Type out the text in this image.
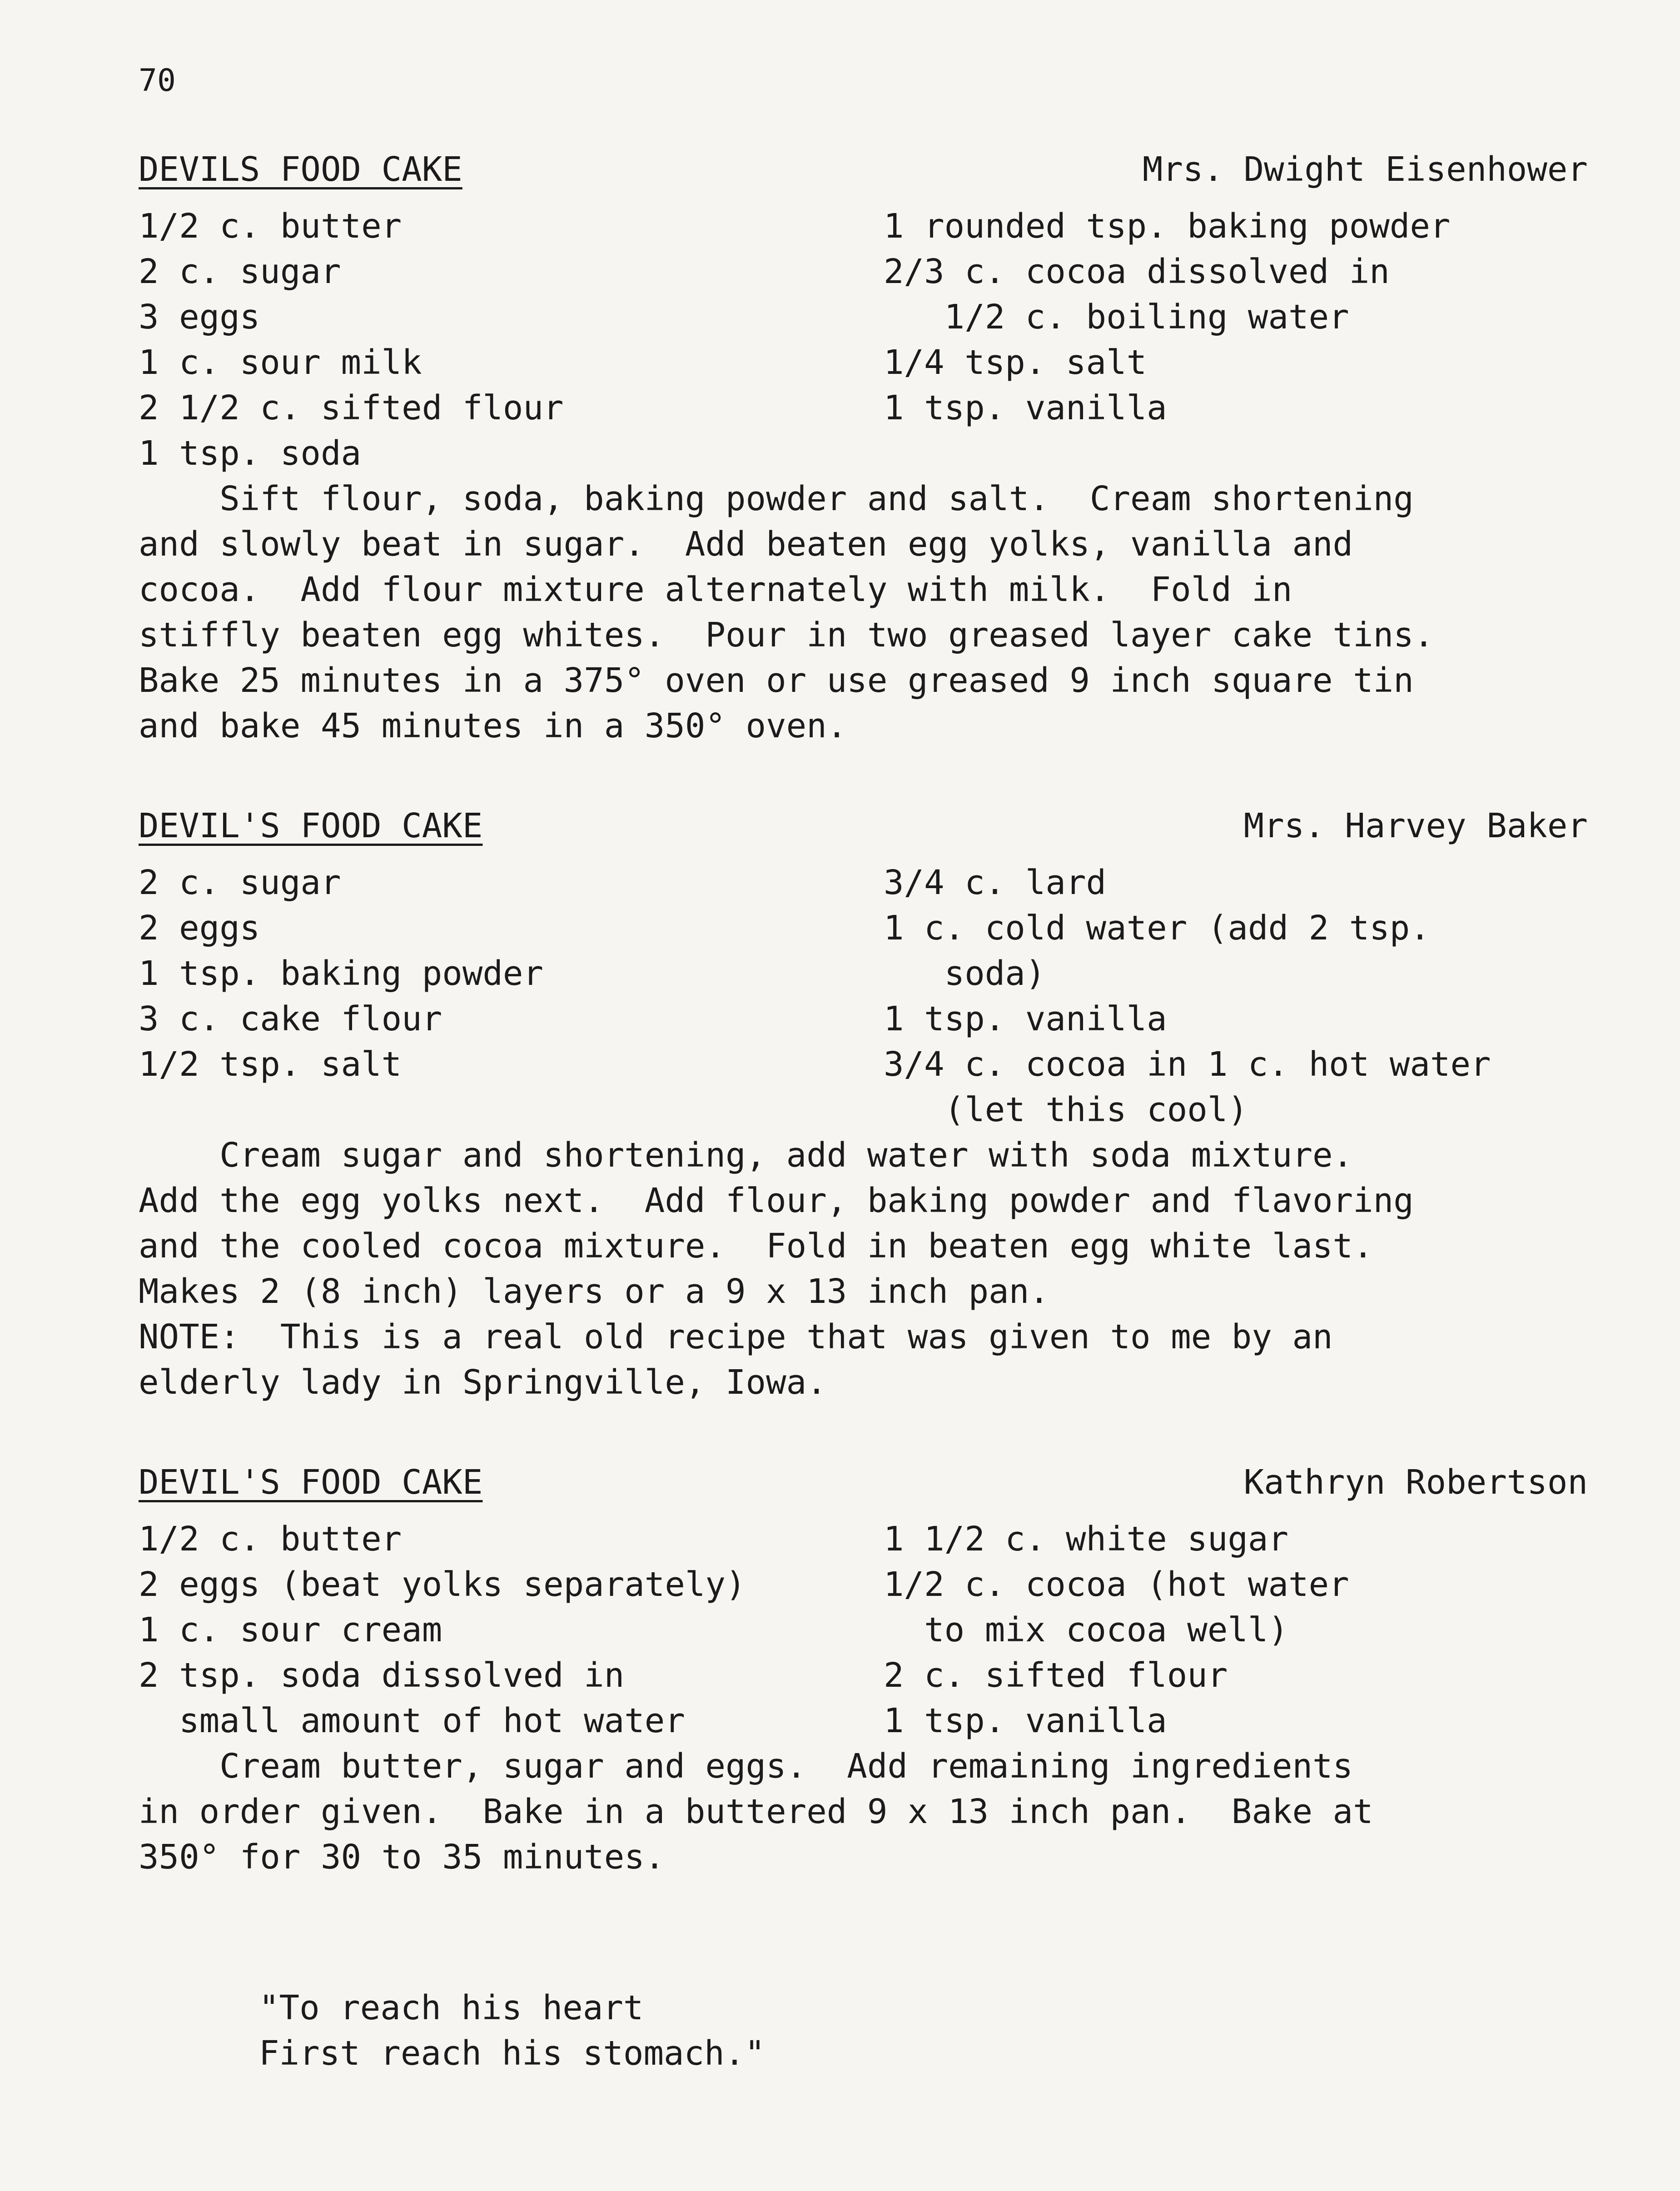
70
DEVILS FOOD CAKE	Mrs. Dwight Eisenhower
1/2 c. butter
2 c. sugar
3 eggs
1 c. sour milk
2 1/2 c. sifted flour
1 tsp. soda
1 rounded tsp. baking powder
2/3 c. cocoa dissolved in
1/2 c. boiling water
1/4 tsp. salt
1 tsp. vanilla
Sift flour, soda, baking powder and salt.  Cream shortening
and slowly beat in sugar.  Add beaten egg yolks, vanilla and
cocoa.  Add flour mixture alternately with milk.  Fold in
stiffly beaten egg whites.  Pour in two greased layer cake tins.
Bake 25 minutes in a 375° oven or use greased 9 inch square tin
and bake 45 minutes in a 350° oven.
DEVIL'S FOOD CAKE	Mrs. Harvey Baker
2 c. sugar
2 eggs
1 tsp. baking powder
3 c. cake flour
1/2 tsp. salt
3/4 c. lard
1 c. cold water (add 2 tsp.
soda)
1 tsp. vanilla
3/4 c. cocoa in 1 c. hot water
(let this cool)
Cream sugar and shortening, add water with soda mixture.
Add the egg yolks next.  Add flour, baking powder and flavoring
and the cooled cocoa mixture.  Fold in beaten egg white last.
Makes 2 (8 inch) layers or a 9 x 13 inch pan.
NOTE:  This is a real old recipe that was given to me by an
elderly lady in Springville, Iowa.
DEVIL'S FOOD CAKE	Kathryn Robertson
1/2 c. butter
2 eggs (beat yolks separately)
1 c. sour cream
2 tsp. soda dissolved in
small amount of hot water
1 1/2 c. white sugar
1/2 c. cocoa (hot water
to mix cocoa well)
2 c. sifted flour
1 tsp. vanilla
Cream butter, sugar and eggs.  Add remaining ingredients
in order given.  Bake in a buttered 9 x 13 inch pan.  Bake at
350° for 30 to 35 minutes.
"To reach his heart
First reach his stomach."
